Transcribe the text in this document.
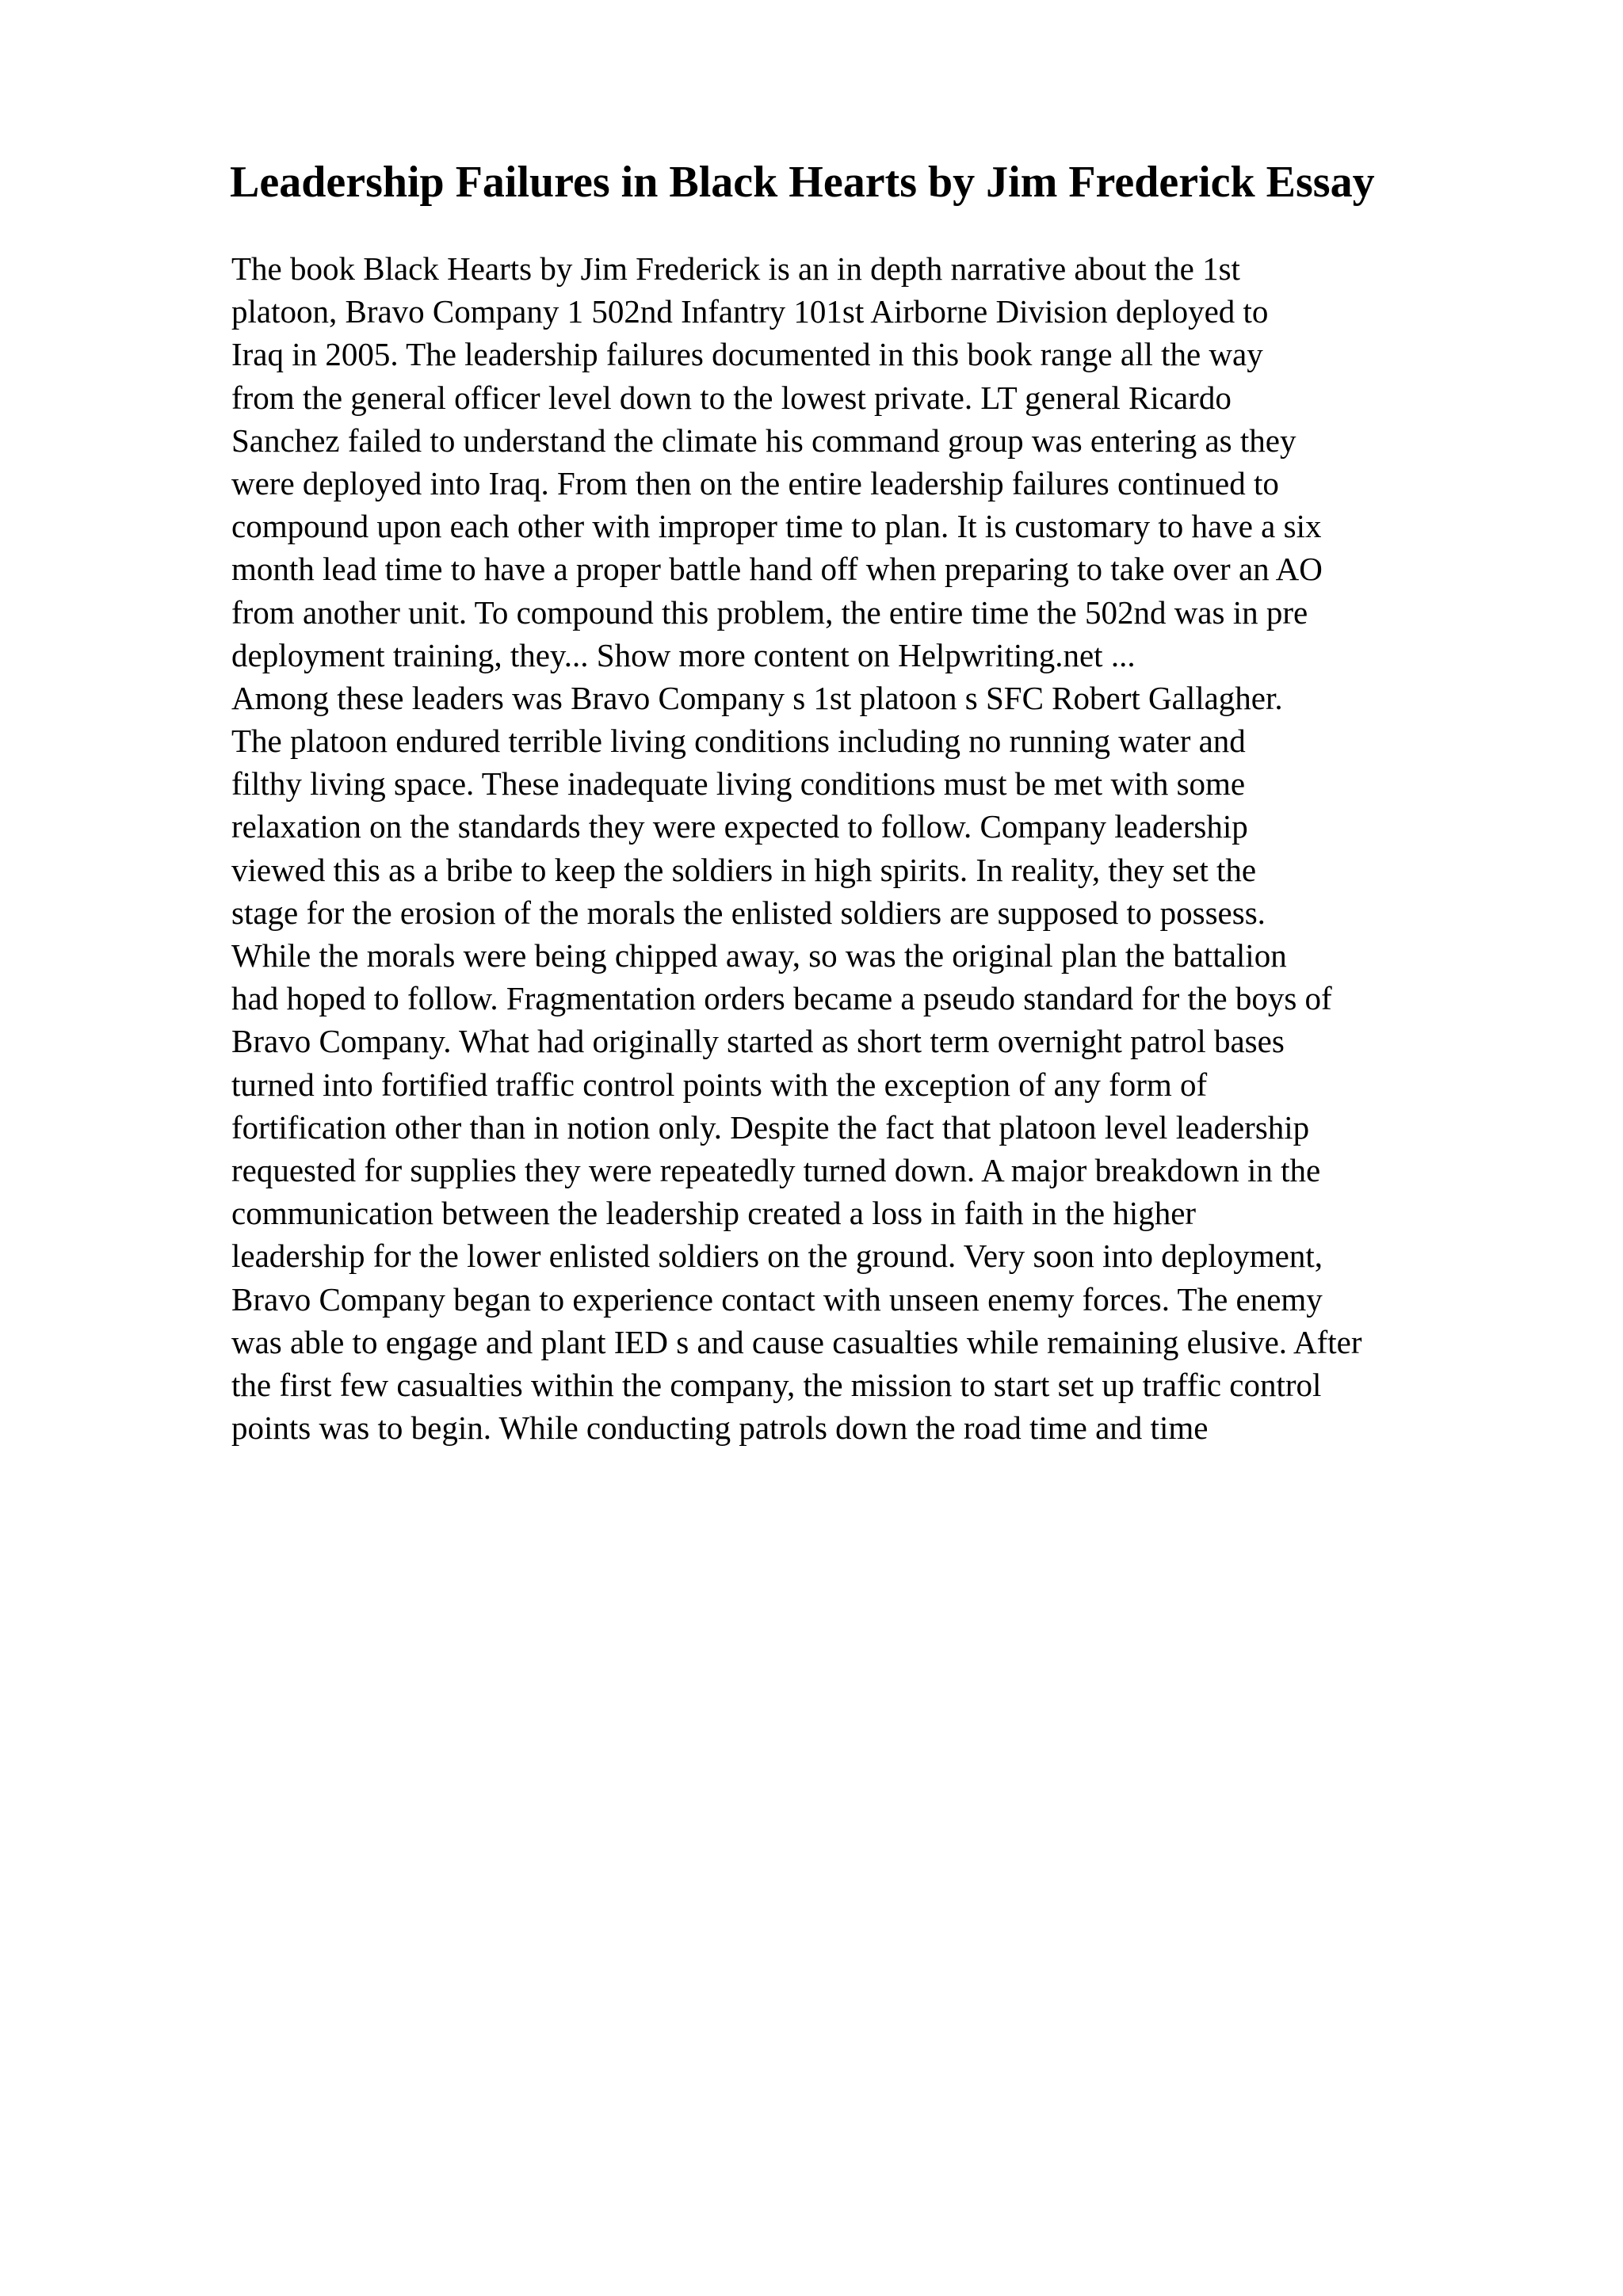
Leadership Failures in Black Hearts by Jim Frederick Essay
The book Black Hearts by Jim Frederick is an in depth narrative about the 1st
platoon, Bravo Company 1 502nd Infantry 101st Airborne Division deployed to
Iraq in 2005. The leadership failures documented in this book range all the way
from the general officer level down to the lowest private. LT general Ricardo
Sanchez failed to understand the climate his command group was entering as they
were deployed into Iraq. From then on the entire leadership failures continued to
compound upon each other with improper time to plan. It is customary to have a six
month lead time to have a proper battle hand off when preparing to take over an AO
from another unit. To compound this problem, the entire time the 502nd was in pre
deployment training, they... Show more content on Helpwriting.net ...
Among these leaders was Bravo Company s 1st platoon s SFC Robert Gallagher.
The platoon endured terrible living conditions including no running water and
filthy living space. These inadequate living conditions must be met with some
relaxation on the standards they were expected to follow. Company leadership
viewed this as a bribe to keep the soldiers in high spirits. In reality, they set the
stage for the erosion of the morals the enlisted soldiers are supposed to possess.
While the morals were being chipped away, so was the original plan the battalion
had hoped to follow. Fragmentation orders became a pseudo standard for the boys of
Bravo Company. What had originally started as short term overnight patrol bases
turned into fortified traffic control points with the exception of any form of
fortification other than in notion only. Despite the fact that platoon level leadership
requested for supplies they were repeatedly turned down. A major breakdown in the
communication between the leadership created a loss in faith in the higher
leadership for the lower enlisted soldiers on the ground. Very soon into deployment,
Bravo Company began to experience contact with unseen enemy forces. The enemy
was able to engage and plant IED s and cause casualties while remaining elusive. After
the first few casualties within the company, the mission to start set up traffic control
points was to begin. While conducting patrols down the road time and time
